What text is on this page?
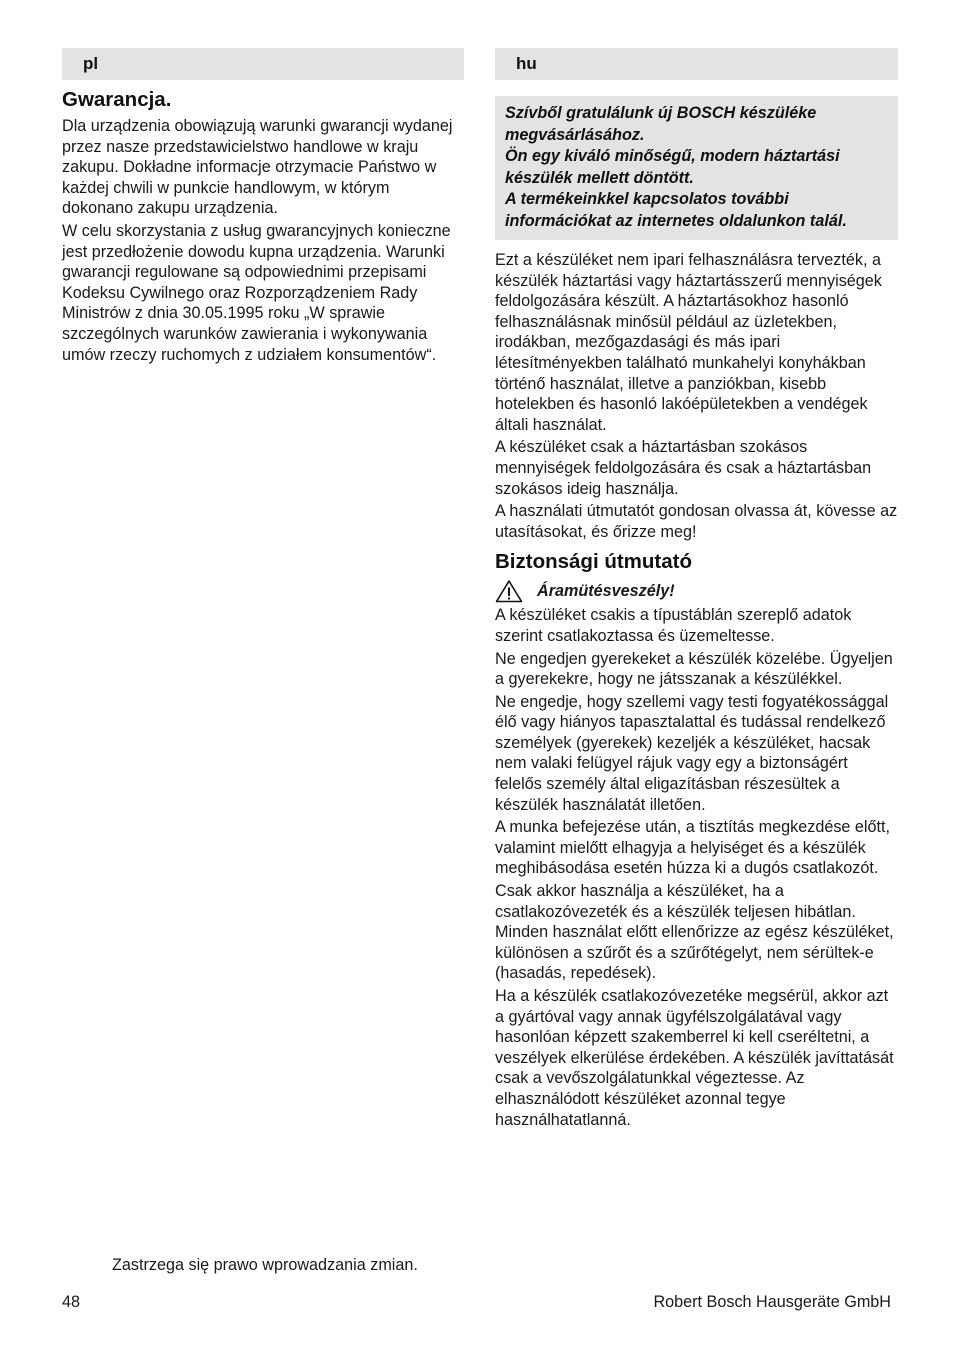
pl
Gwarancja.

Dla urządzenia obowiązują warunki gwarancji wydanej przez nasze przedstawicielstwo handlowe w kraju zakupu. Dokładne informacje otrzymacie Państwo w każdej chwili w punkcie handlowym, w którym dokonano zakupu urządzenia.

W celu skorzystania z usług gwarancyjnych konieczne jest przedłożenie dowodu kupna urządzenia. Warunki gwarancji regulowane są odpowiednimi przepisami Kodeksu Cywilnego oraz Rozporządzeniem Rady Ministrów z dnia 30.05.1995 roku „W sprawie szczególnych warunków zawierania i wykonywania umów rzeczy ruchomych z udziałem konsumentów“.

hu

Szívből gratulálunk új BOSCH készüléke megvásárlásához.

Ön egy kiváló minőségű, modern háztartási készülék mellett döntött.

A termékeinkkel kapcsolatos további információkat az internetes oldalunkon talál.

Ezt a készüléket nem ipari felhasználásra tervezték, a készülék háztartási vagy háztartásszerű mennyiségek feldolgozására készült. A háztartásokhoz hasonló felhasználásnak minősül például az üzletekben, irodákban, mezőgazdasági és más ipari létesítményekben található munkahelyi konyhákban történő használat, illetve a panziókban, kisebb hotelekben és hasonló lakóépületekben a vendégek általi használat.

A készüléket csak a háztartásban szokásos mennyiségek feldolgozására és csak a háztartásban szokásos ideig használja.

A használati útmutatót gondosan olvassa át, kövesse az utasításokat, és őrizze meg!

Biztonsági útmutató
Áramütésveszély!

A készüléket csakis a típustáblán szereplő adatok szerint csatlakoztassa és üzemeltesse.

Ne engedjen gyerekeket a készülék közelébe. Ügyeljen a gyerekekre, hogy ne játsszanak a készülékkel.

Ne engedje, hogy szellemi vagy testi fogyatékossággal élő vagy hiányos tapasztalattal és tudással rendelkező személyek (gyerekek) kezeljék a készüléket, hacsak nem valaki felügyel rájuk vagy egy a biztonságért felelős személy által eligazításban részesültek a készülék használatát illetően.

A munka befejezése után, a tisztítás megkezdése előtt, valamint mielőtt elhagyja a helyiséget és a készülék meghibásodása esetén húzza ki a dugós csatlakozót.

Csak akkor használja a készüléket, ha a csatlakozóvezeték és a készülék teljesen hibátlan. Minden használat előtt ellenőrizze az egész készüléket, különösen a szűrőt és a szűrőtégelyt, nem sérültek-e (hasadás, repedések).

Ha a készülék csatlakozóvezetéke megsérül, akkor azt a gyártóval vagy annak ügyfélszolgálatával vagy hasonlóan képzett szakemberrel ki kell cseréltetni, a veszélyek elkerülése érdekében. A készülék javíttatását csak a vevőszolgálatunkkal végeztesse. Az elhasználódott készüléket azonnal tegye használhatatlanná.

Zastrzega się prawo wprowadzania zmian.
48	Robert Bosch Hausgeräte GmbH
